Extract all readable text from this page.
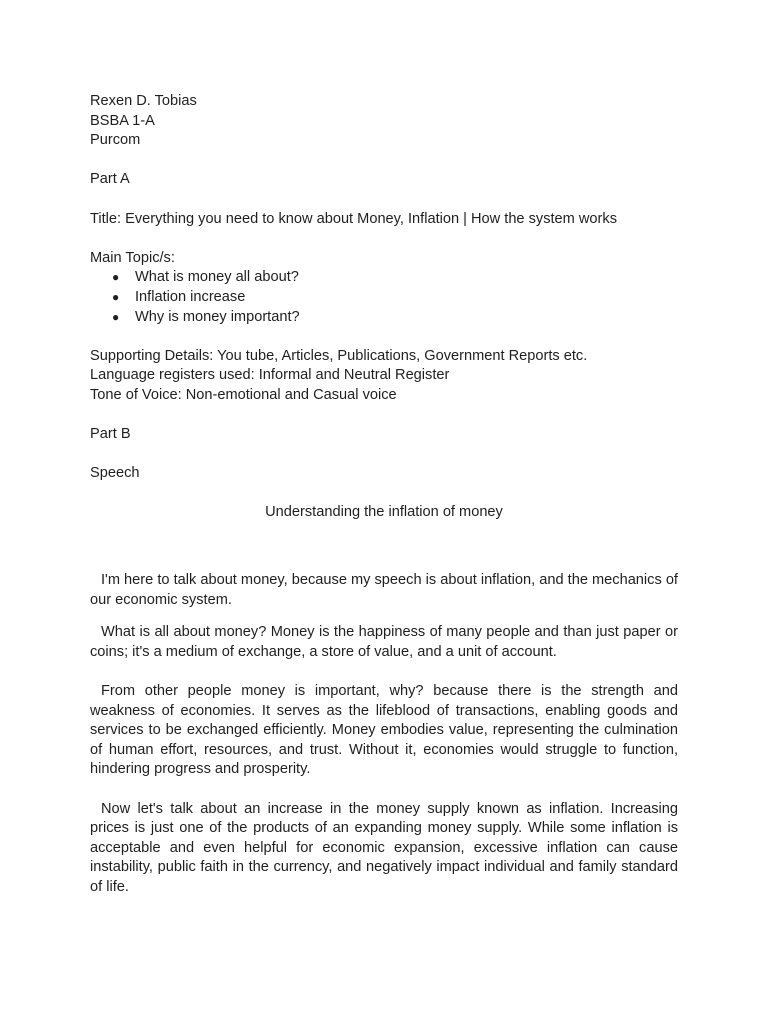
Rexen D. Tobias

BSBA 1-A

Purcom

Part A

Title: Everything you need to know about Money, Inflation | How the system works

Main Topic/s:

● What is money all about?
● Inflation increase
● Why is money important?

Supporting Details: You tube, Articles, Publications, Government Reports etc.

Language registers used: Informal and Neutral Register

Tone of Voice: Non-emotional and Casual voice

Part B

Speech

Understanding the inflation of money

I'm here to talk about money, because my speech is about inflation, and the mechanics of our economic system.

What is all about money? Money is the happiness of many people and than just paper or coins; it's a medium of exchange, a store of value, and a unit of account.

From other people money is important, why? because there is the strength and weakness of economies. It serves as the lifeblood of transactions, enabling goods and services to be exchanged efficiently. Money embodies value, representing the culmination of human effort, resources, and trust. Without it, economies would struggle to function, hindering progress and prosperity.

Now let's talk about an increase in the money supply known as inflation. Increasing prices is just one of the products of an expanding money supply. While some inflation is acceptable and even helpful for economic expansion, excessive inflation can cause instability, public faith in the currency, and negatively impact individual and family standard of life.
